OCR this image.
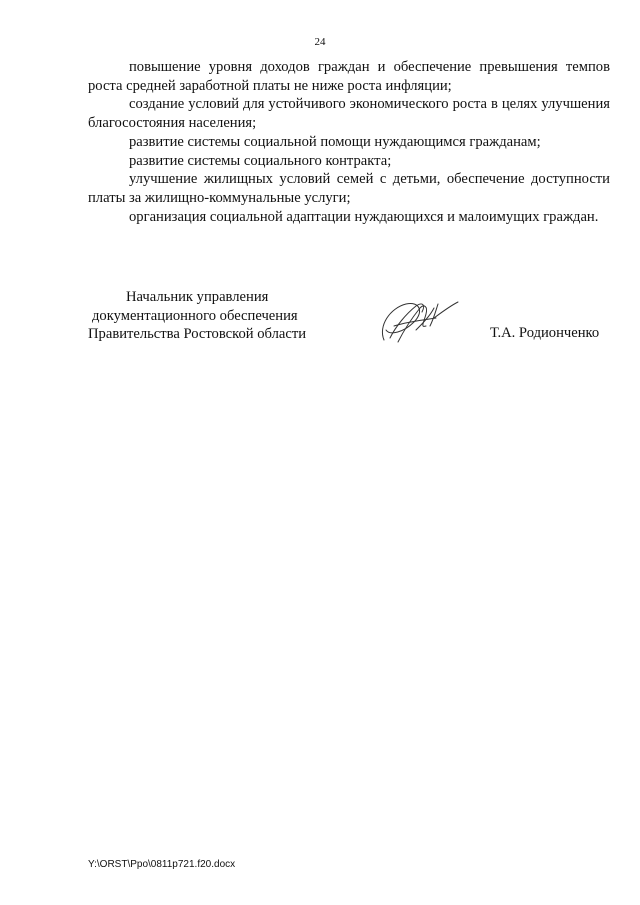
24

повышение уровня доходов граждан и обеспечение превышения темпов роста средней заработной платы не ниже роста инфляции;

создание условий для устойчивого экономического роста в целях улучшения благосостояния населения;

развитие системы социальной помощи нуждающимся гражданам;

развитие системы социального контракта;

улучшение жилищных условий семей с детьми, обеспечение доступности платы за жилищно-коммунальные услуги;

организация социальной адаптации нуждающихся и малоимущих граждан.

Начальник управления
документационного обеспечения
Правительства Ростовской области	Т.А. Родионченко
Y:\ORST\Ppo\0811p721.f20.docx
